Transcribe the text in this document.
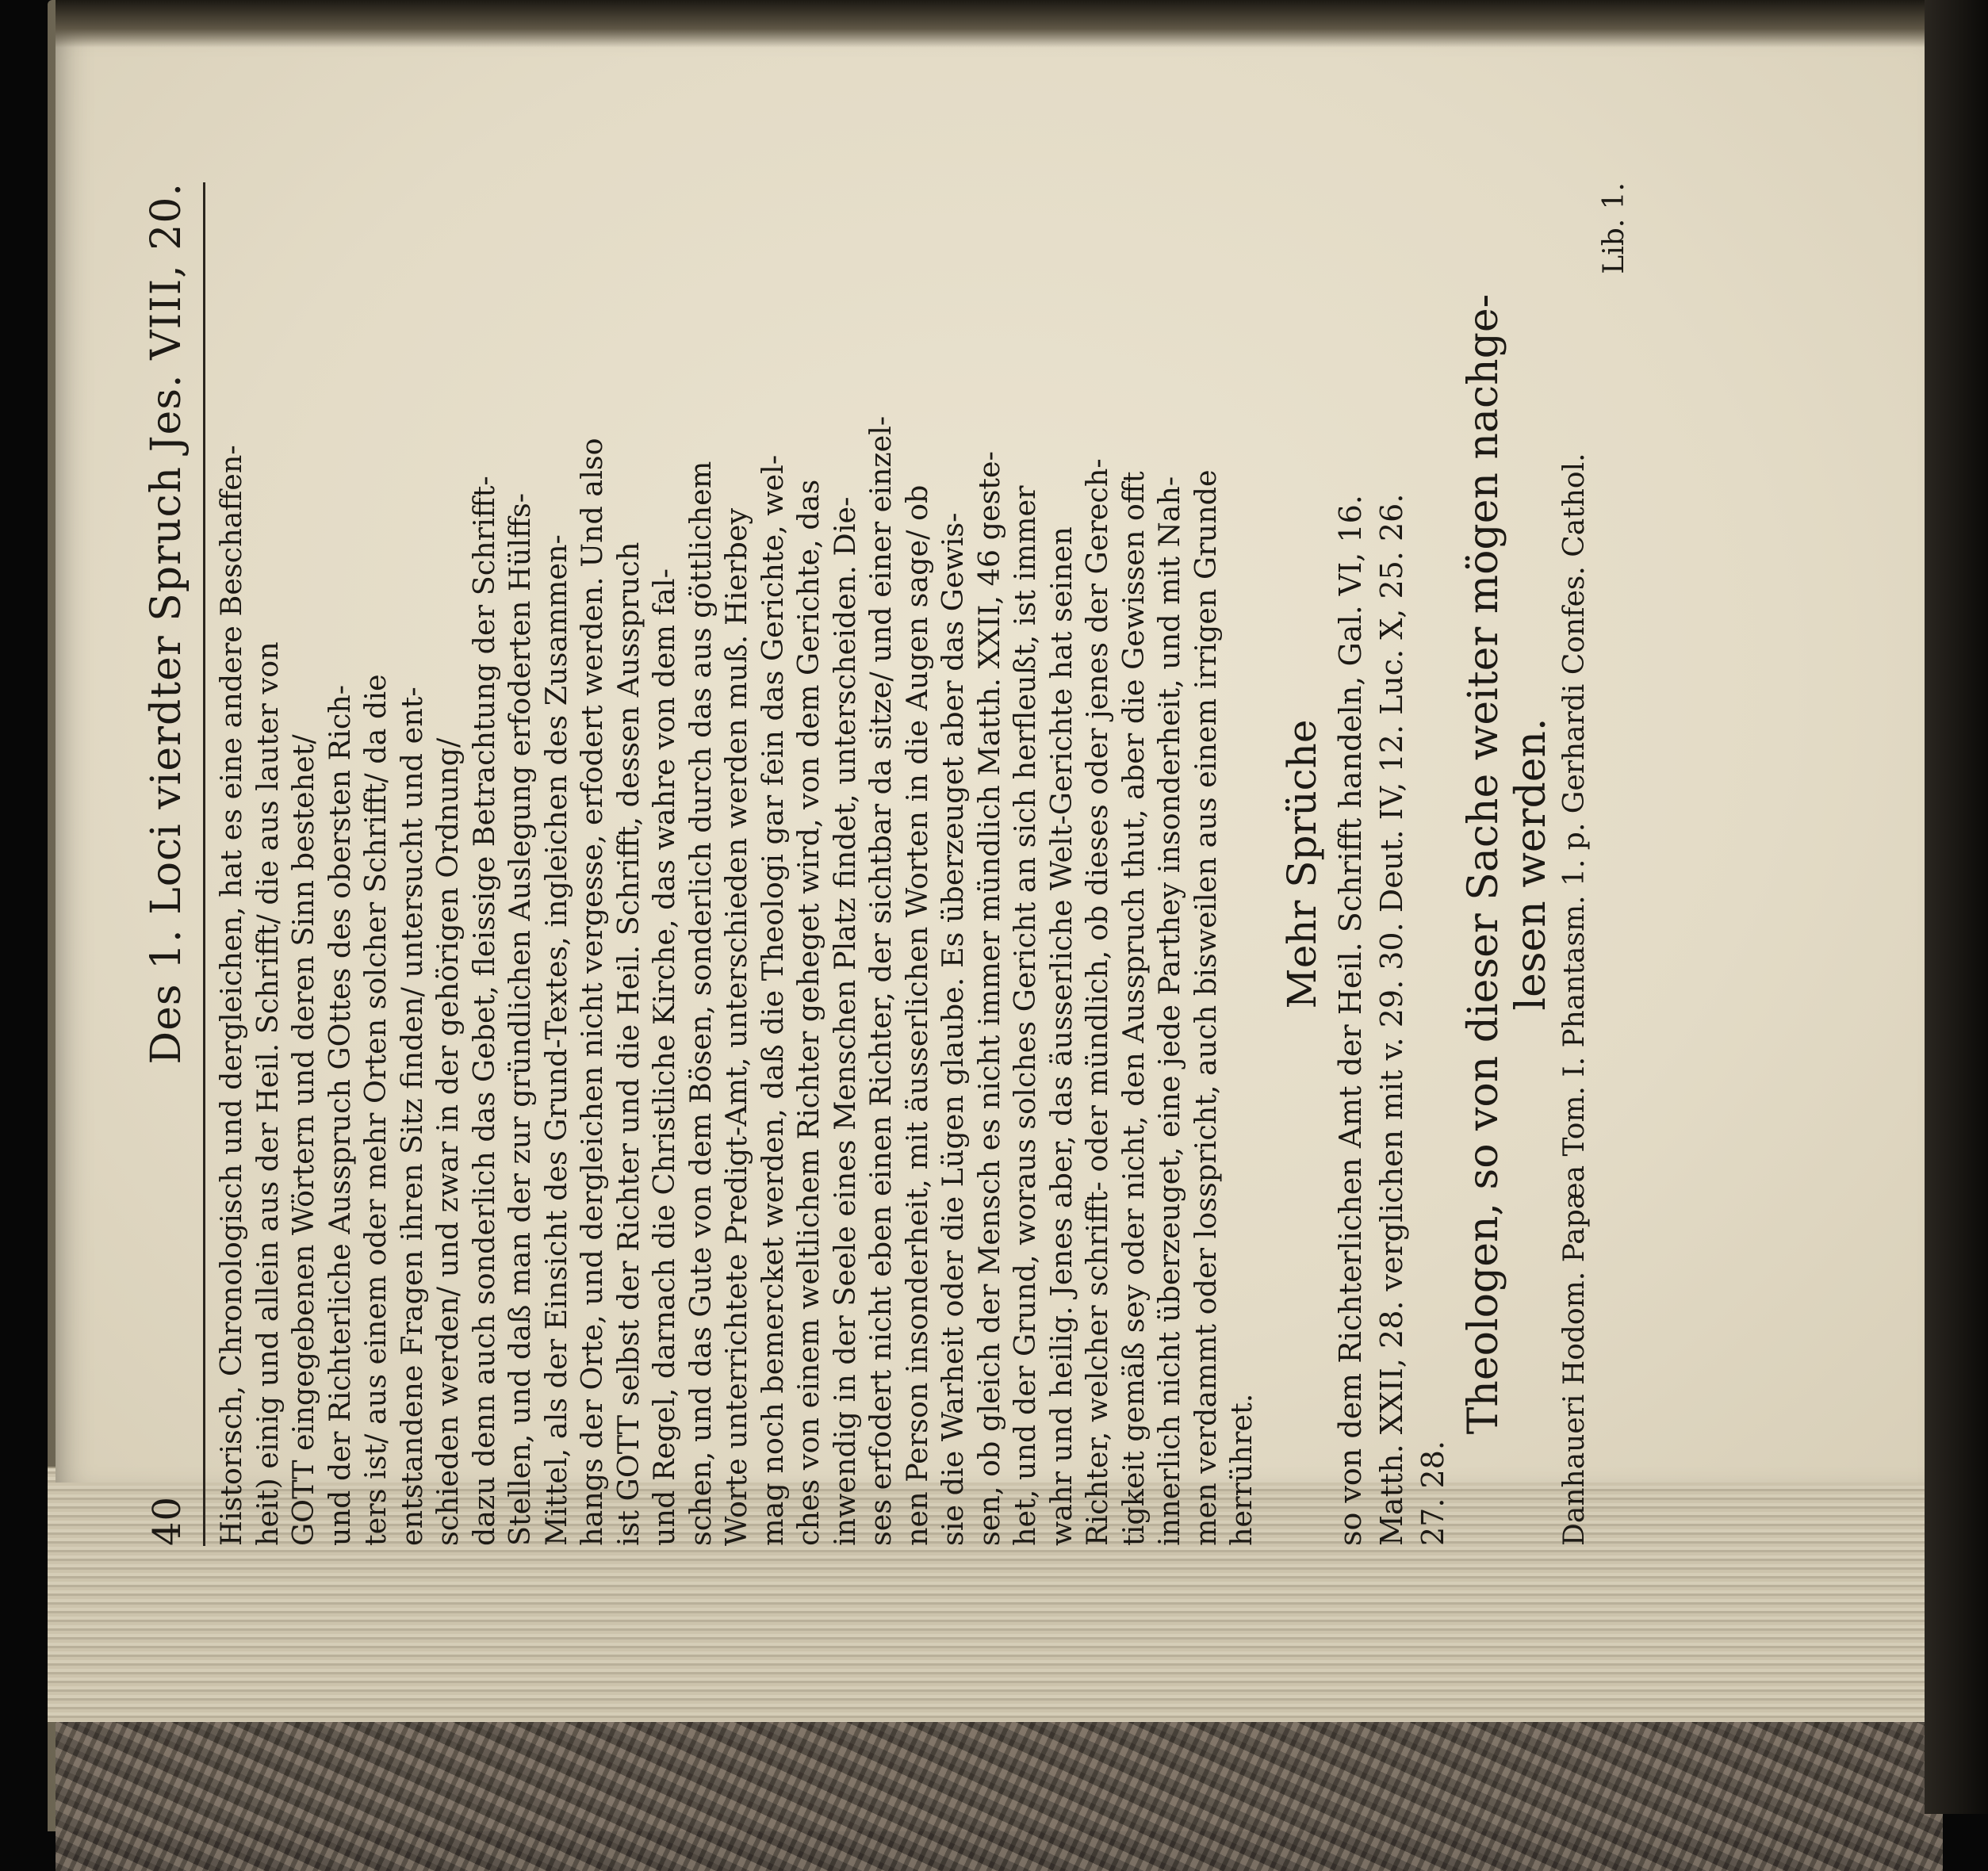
40
Des 1. Loci vierdter Spruch Jes. VIII, 20. Historisch, Chronologisch und dergleichen, hat es eine andere Beschaffen- heit) einig und allein aus der Heil. Schrifft/ die aus lauter von GOTT eingegebenen Wörtern und deren Sinn bestehet/ und der Richterliche Ausspruch GOttes des obersten Rich- ters ist/ aus einem oder mehr Orten solcher Schrifft/ da die entstandene Fragen ihren Sitz finden/ untersucht und ent- schieden werden/ und zwar in der gehörigen Ordnung/ dazu denn auch sonderlich das Gebet, fleissige Betrachtung der Schrifft- Stellen, und daß man der zur gründlichen Auslegung erfoderten Hülffs- Mittel, als der Einsicht des Grund-Textes, ingleichen des Zusammen- hangs der Orte, und dergleichen nicht vergesse, erfodert werden. Und also ist GOTT selbst der Richter und die Heil. Schrifft, dessen Ausspruch und Regel, darnach die Christliche Kirche, das wahre von dem fal- schen, und das Gute von dem Bösen, sonderlich durch das aus göttlichem Worte unterrichtete Predigt-Amt, unterschieden werden muß. Hierbey mag noch bemercket werden, daß die Theologi gar fein das Gerichte, wel- ches von einem weltlichem Richter geheget wird, von dem Gerichte, das inwendig in der Seele eines Menschen Platz findet, unterscheiden. Die- ses erfodert nicht eben einen Richter, der sichtbar da sitze/ und einer einzel- nen Person insonderheit, mit äusserlichen Worten in die Augen sage/ ob sie die Warheit oder die Lügen glaube. Es überzeuget aber das Gewis- sen, ob gleich der Mensch es nicht immer mündlich Matth. XXII, 46 geste- het, und der Grund, woraus solches Gericht an sich herfleußt, ist immer wahr und heilig. Jenes aber, das äusserliche Welt-Gerichte hat seinen Richter, welcher schrifft- oder mündlich, ob dieses oder jenes der Gerech- tigkeit gemäß sey oder nicht, den Ausspruch thut, aber die Gewissen offt innerlich nicht überzeuget, eine jede Parthey insonderheit, und mit Nah- men verdammt oder losspricht, auch bisweilen aus einem irrigen Grunde herrühret.
Mehr Sprüche so von dem Richterlichen Amt der Heil. Schrifft handeln, Gal. VI, 16. Matth. XXII, 28. verglichen mit v. 29. 30. Deut. IV, 12. Luc. X, 25. 26. 27. 28.
Theologen, so von dieser Sache weiter mögen nachge- lesen werden. Danhaueri Hodom. Papæa Tom. I. Phantasm. 1. p. Gerhardi Confes. Cathol.
Lib. 1.
